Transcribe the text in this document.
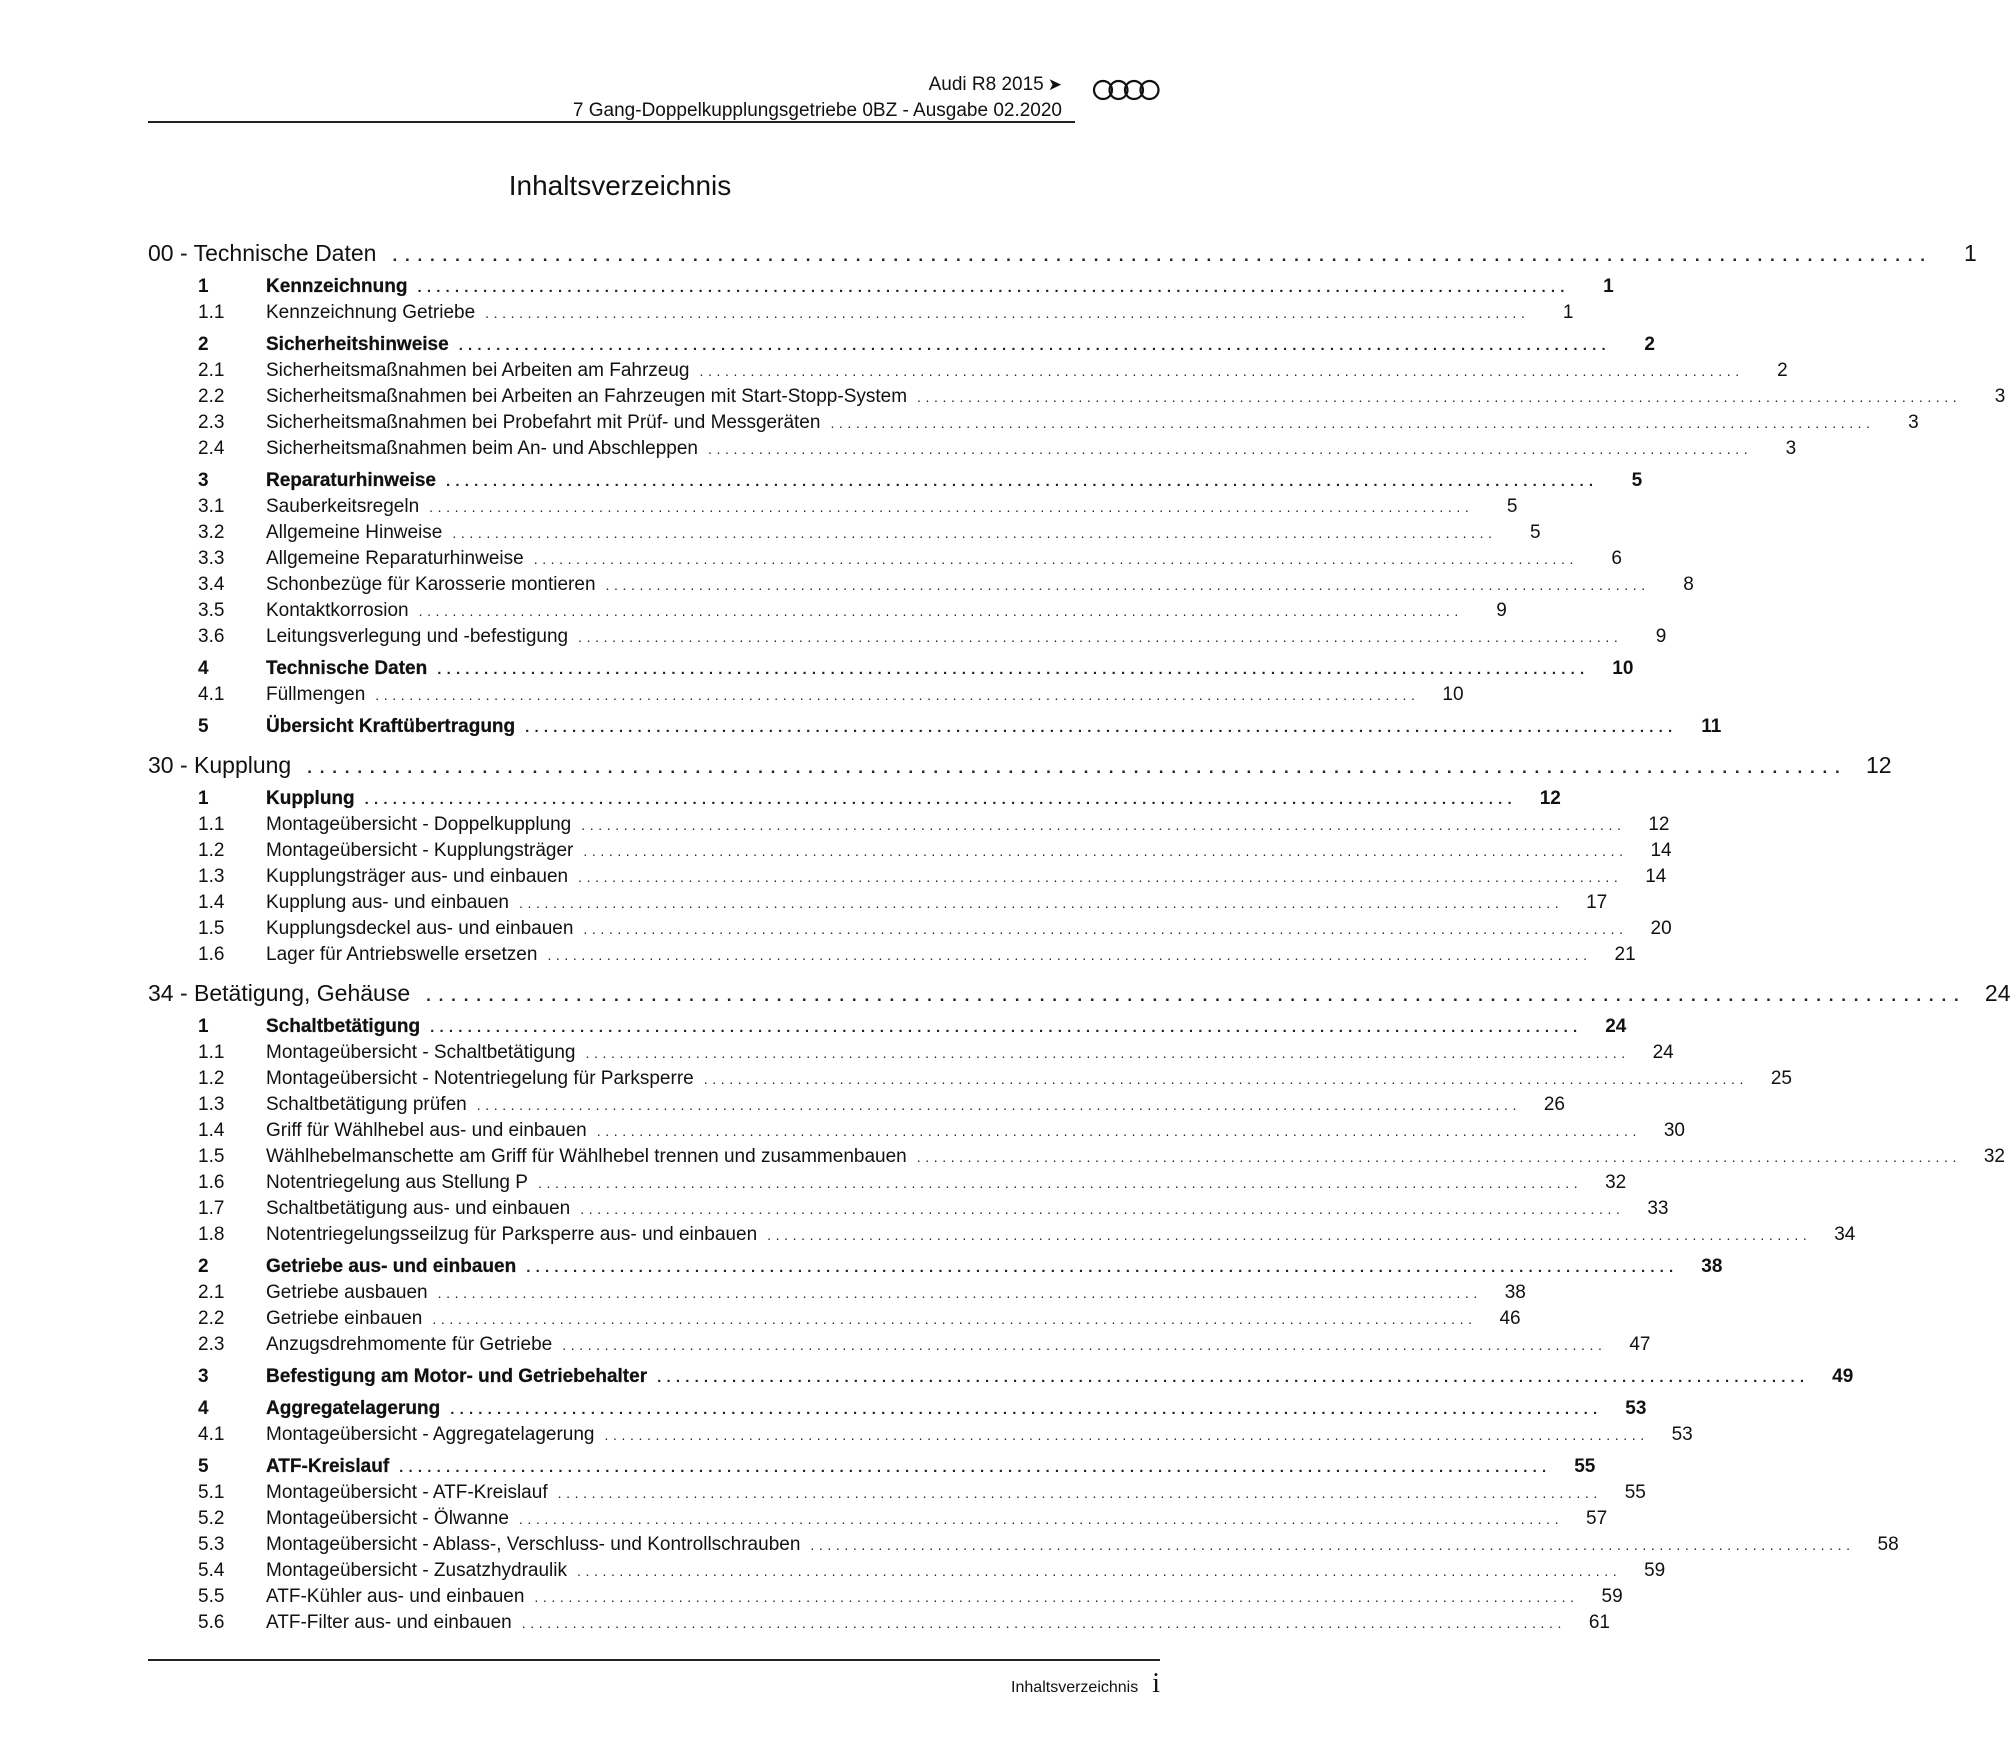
Audi R8 2015 ➤
7 Gang-Doppelkupplungsgetriebe 0BZ - Ausgabe 02.2020
Inhaltsverzeichnis
00 - Technische Daten ...........................................................................................................................	1
1	Kennzeichnung ...........................................................................................................................	1
1.1	Kennzeichnung Getriebe ...........................................................................................................................	1
2	Sicherheitshinweise ...........................................................................................................................	2
2.1	Sicherheitsmaßnahmen bei Arbeiten am Fahrzeug ...........................................................................................................................	2
2.2	Sicherheitsmaßnahmen bei Arbeiten an Fahrzeugen mit Start-Stopp-System ...........................................................................................................................	3
2.3	Sicherheitsmaßnahmen bei Probefahrt mit Prüf- und Messgeräten ...........................................................................................................................	3
2.4	Sicherheitsmaßnahmen beim An- und Abschleppen ...........................................................................................................................	3
3	Reparaturhinweise ...........................................................................................................................	5
3.1	Sauberkeitsregeln ...........................................................................................................................	5
3.2	Allgemeine Hinweise ...........................................................................................................................	5
3.3	Allgemeine Reparaturhinweise ...........................................................................................................................	6
3.4	Schonbezüge für Karosserie montieren ...........................................................................................................................	8
3.5	Kontaktkorrosion ...........................................................................................................................	9
3.6	Leitungsverlegung und -befestigung ...........................................................................................................................	9
4	Technische Daten ...........................................................................................................................	10
4.1	Füllmengen ...........................................................................................................................	10
5	Übersicht Kraftübertragung ...........................................................................................................................	11
30 - Kupplung ........................................................................................................................... 12
1	Kupplung ...........................................................................................................................	12
1.1	Montageübersicht - Doppelkupplung ...........................................................................................................................	12
1.2	Montageübersicht - Kupplungsträger ...........................................................................................................................	14
1.3	Kupplungsträger aus- und einbauen ...........................................................................................................................	14
1.4	Kupplung aus- und einbauen ...........................................................................................................................	17
1.5	Kupplungsdeckel aus- und einbauen ...........................................................................................................................	20
1.6	Lager für Antriebswelle ersetzen ...........................................................................................................................	21
34 - Betätigung, Gehäuse ........................................................................................................................... 24
1	Schaltbetätigung ...........................................................................................................................	24
1.1	Montageübersicht - Schaltbetätigung ...........................................................................................................................	24
1.2	Montageübersicht - Notentriegelung für Parksperre ...........................................................................................................................	25
1.3	Schaltbetätigung prüfen ...........................................................................................................................	26
1.4	Griff für Wählhebel aus- und einbauen ...........................................................................................................................	30
1.5	Wählhebelmanschette am Griff für Wählhebel trennen und zusammenbauen ...........................................................................................................................	32
1.6	Notentriegelung aus Stellung P ...........................................................................................................................	32
1.7	Schaltbetätigung aus- und einbauen ...........................................................................................................................	33
1.8	Notentriegelungsseilzug für Parksperre aus- und einbauen ...........................................................................................................................	34
2	Getriebe aus- und einbauen ...........................................................................................................................	38
2.1	Getriebe ausbauen ...........................................................................................................................	38
2.2	Getriebe einbauen ...........................................................................................................................	46
2.3	Anzugsdrehmomente für Getriebe ...........................................................................................................................	47
3	Befestigung am Motor- und Getriebehalter ...........................................................................................................................	49
4	Aggregatelagerung ...........................................................................................................................	53
4.1	Montageübersicht - Aggregatelagerung ...........................................................................................................................	53
5	ATF-Kreislauf ...........................................................................................................................	55
5.1	Montageübersicht - ATF-Kreislauf ...........................................................................................................................	55
5.2	Montageübersicht - Ölwanne ...........................................................................................................................	57
5.3	Montageübersicht - Ablass-, Verschluss- und Kontrollschrauben ...........................................................................................................................	58
5.4	Montageübersicht - Zusatzhydraulik ...........................................................................................................................	59
5.5	ATF-Kühler aus- und einbauen ...........................................................................................................................	59
5.6	ATF-Filter aus- und einbauen ...........................................................................................................................	61
Inhaltsverzeichnis i
